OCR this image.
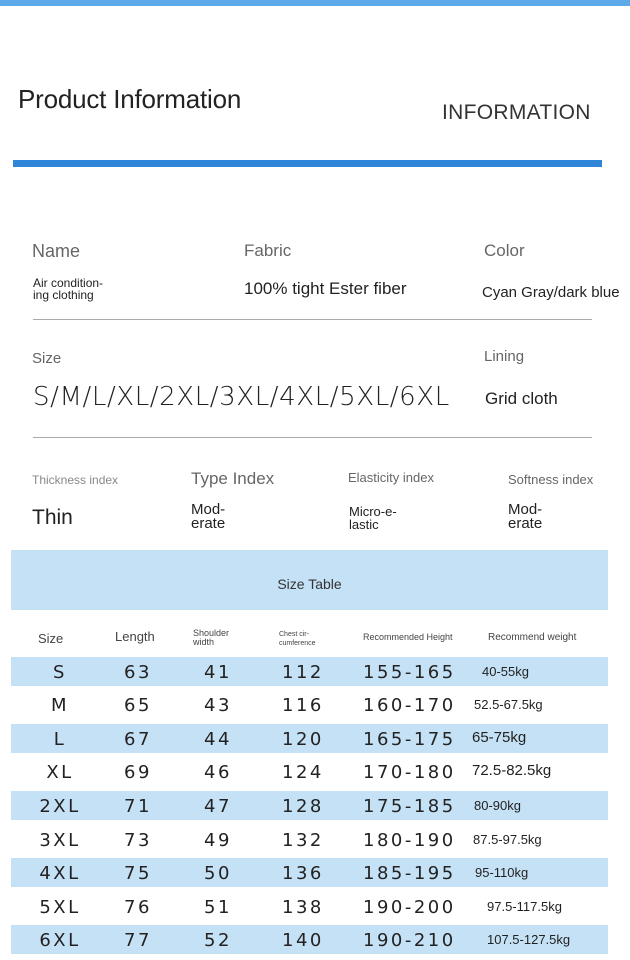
Product Information	INFORMATION
Name
Air condition-
ing clothing
Fabric
100% tight Ester fiber
Color
Cyan Gray/dark blue
Size
S/M/L/XL/2XL/3XL/4XL/5XL/6XL
Lining
Grid cloth
Thickness index
Thin
Type Index
Mod-
erate
Elasticity index
Micro-e-
lastic
Softness index
Mod-
erate
Size Table
Size	Length	Shoulder
width
Chest cir-
cumference
Recommended Height	Recommend weight
S	63	41	112 155-165 40-55kg
M	65	43	116 160-170 52.5-67.5kg
L	67	44	120 165-175 65-75kg
XL	69	46	124 170-180 72.5-82.5kg
2XL	71	47	128 175-185 80-90kg
3XL	73	49	132 180-190 87.5-97.5kg
4XL	75	50	136 185-195 95-110kg
5XL	76	51	138 190-200 97.5-117.5kg
6XL	77	52	140 190-210 107.5-127.5kg
